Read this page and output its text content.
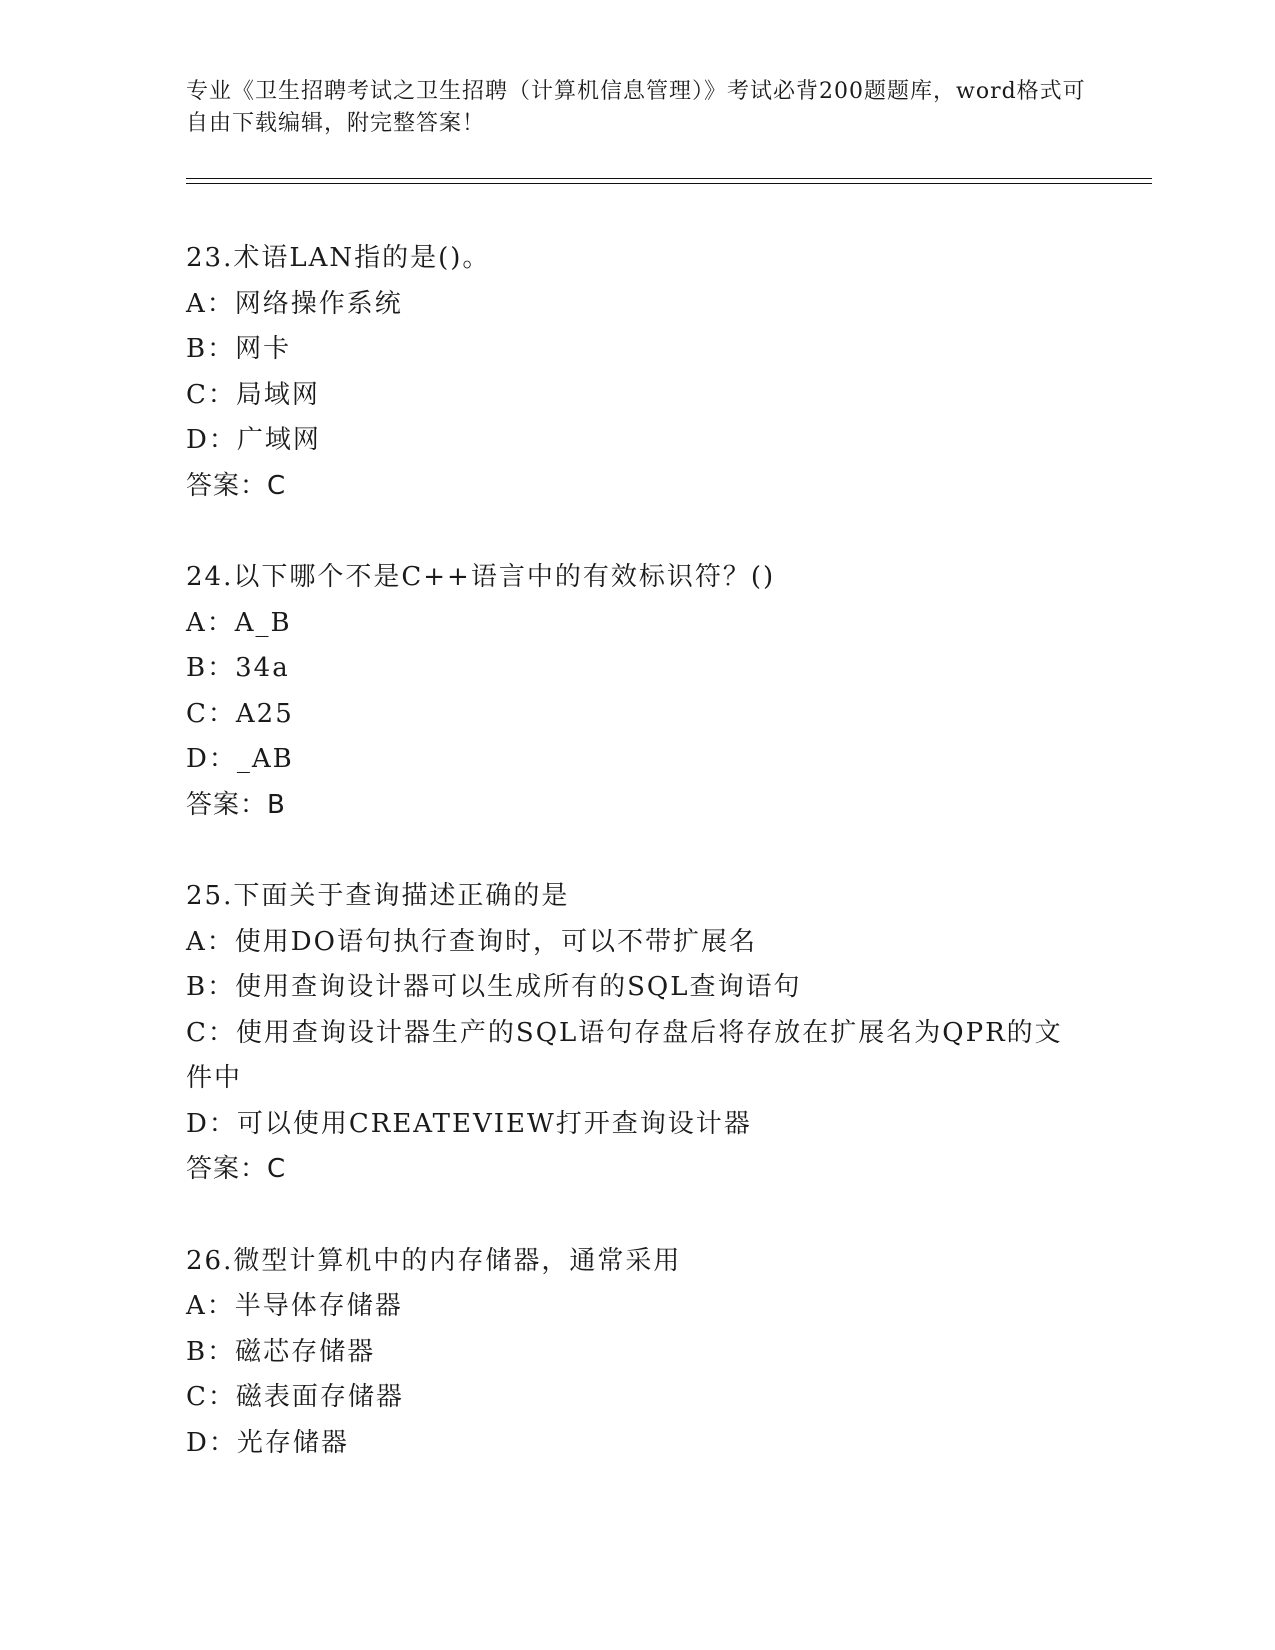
专业《卫生招聘考试之卫生招聘（计算机信息管理）》考试必背200题题库，word格式可自由下载编辑，附完整答案！
23.术语LAN指的是()。
A：网络操作系统
B：网卡
C：局域网
D：广域网
答案：C
24.以下哪个不是C++语言中的有效标识符？()
A：A_B
B：34a
C：A25
D：_AB
答案：B
25.下面关于查询描述正确的是
A：使用DO语句执行查询时，可以不带扩展名
B：使用查询设计器可以生成所有的SQL查询语句
C：使用查询设计器生产的SQL语句存盘后将存放在扩展名为QPR的文件中
D：可以使用CREATEVIEW打开查询设计器
答案：C
26.微型计算机中的内存储器，通常采用
A：半导体存储器
B：磁芯存储器
C：磁表面存储器
D：光存储器
